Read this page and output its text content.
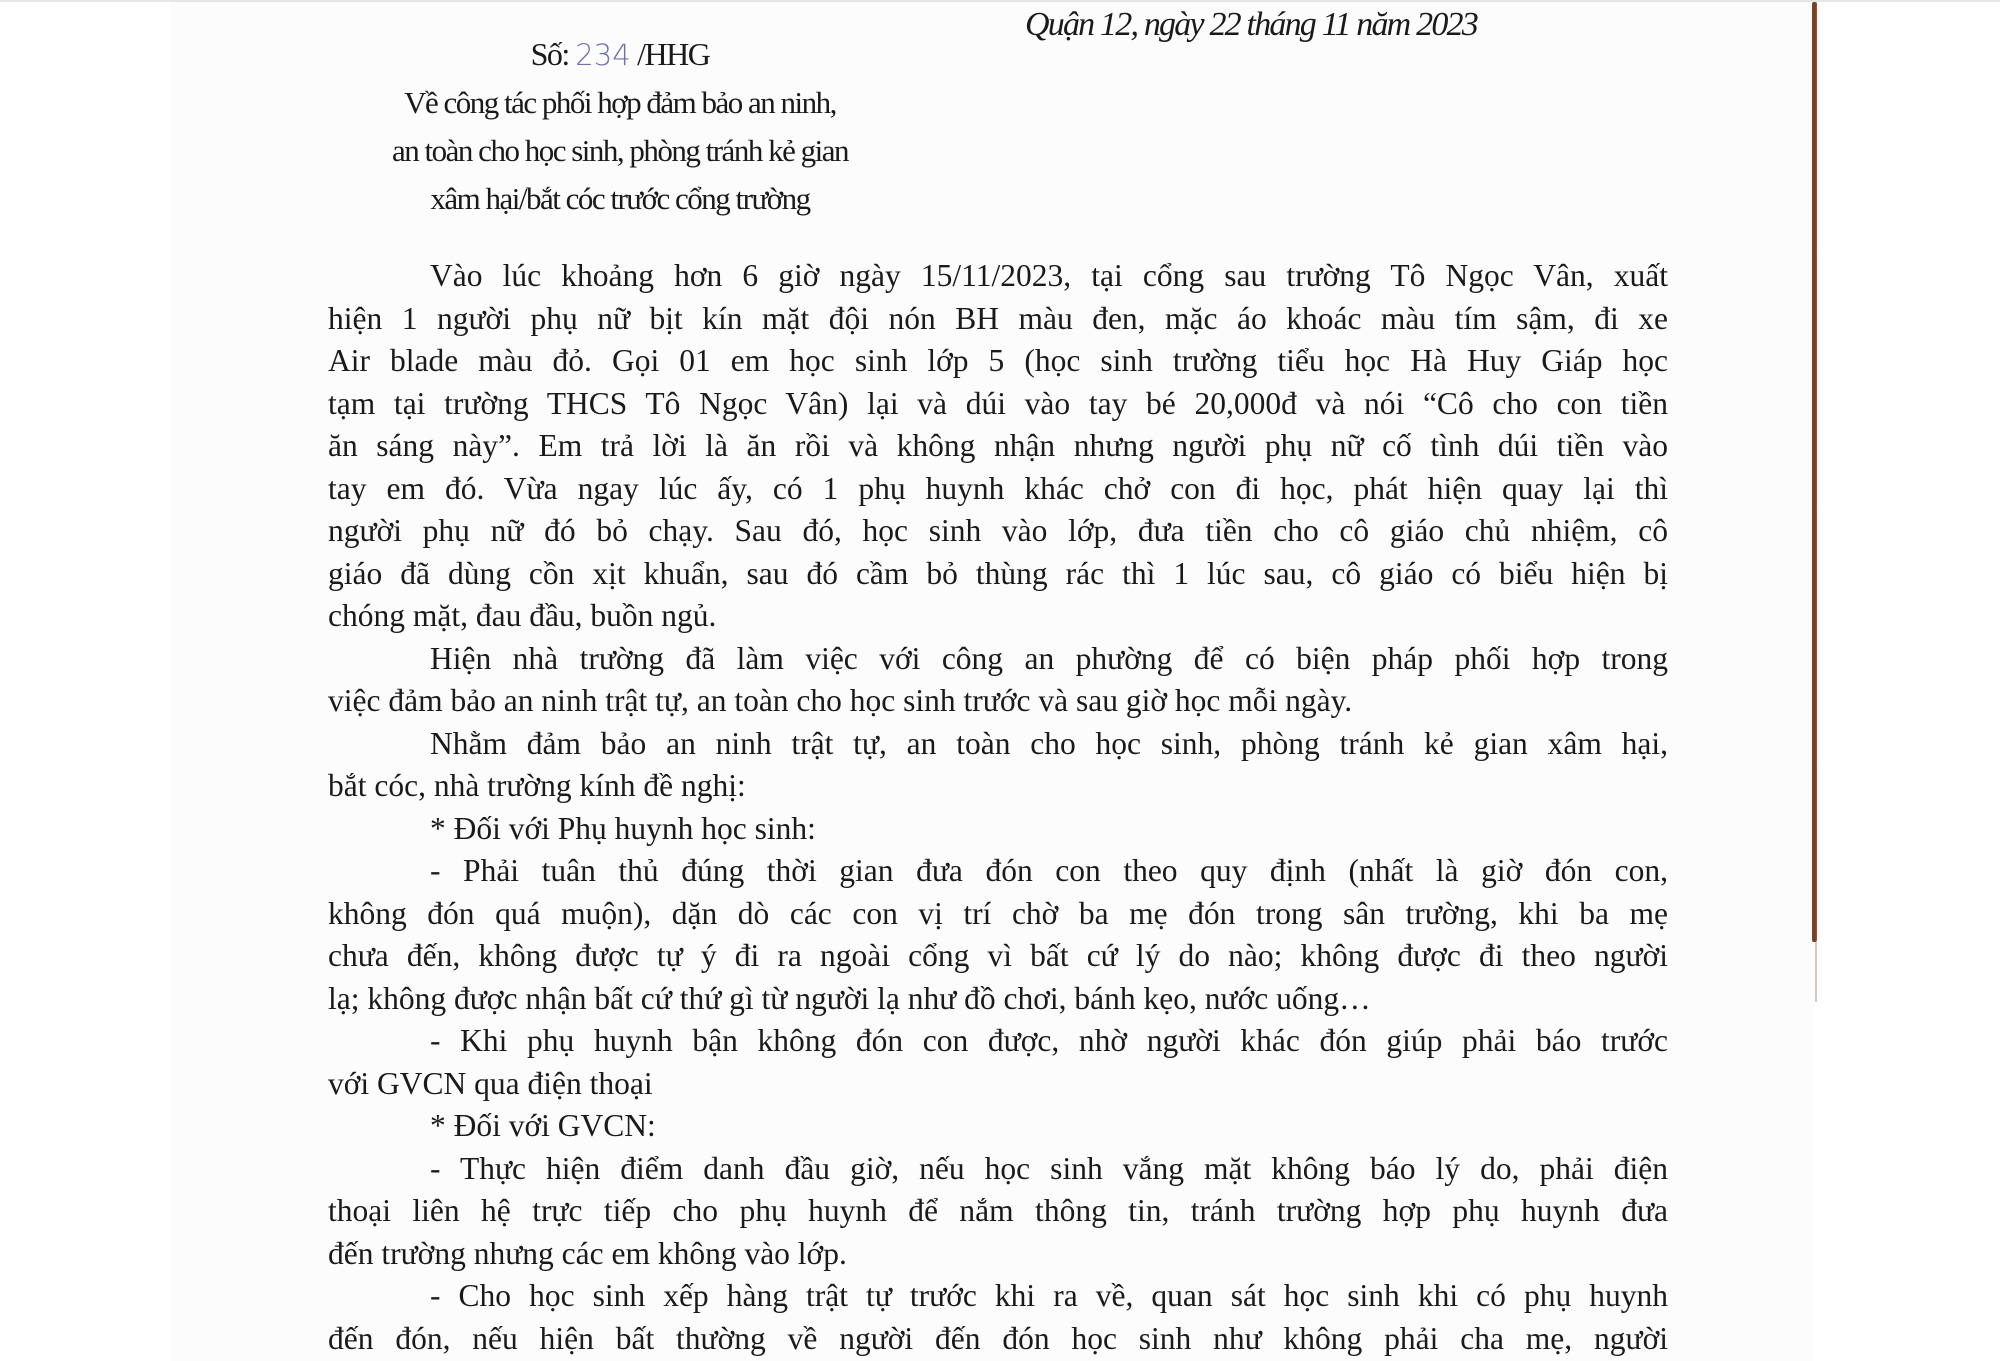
Số: 234 /HHG
Về công tác phối hợp đảm bảo an ninh,
an toàn cho học sinh, phòng tránh kẻ gian
xâm hại/bắt cóc trước cổng trường
Quận 12, ngày 22 tháng 11 năm 2023
Vào lúc khoảng hơn 6 giờ ngày 15/11/2023, tại cổng sau trường Tô Ngọc Vân, xuất
hiện 1 người phụ nữ bịt kín mặt đội nón BH màu đen, mặc áo khoác màu tím sậm, đi xe
Air blade màu đỏ. Gọi 01 em học sinh lớp 5 (học sinh trường tiểu học Hà Huy Giáp học
tạm tại trường THCS Tô Ngọc Vân) lại và dúi vào tay bé 20,000đ và nói “Cô cho con tiền
ăn sáng này”. Em trả lời là ăn rồi và không nhận nhưng người phụ nữ cố tình dúi tiền vào
tay em đó. Vừa ngay lúc ấy, có 1 phụ huynh khác chở con đi học, phát hiện quay lại thì
người phụ nữ đó bỏ chạy. Sau đó, học sinh vào lớp, đưa tiền cho cô giáo chủ nhiệm, cô
giáo đã dùng cồn xịt khuẩn, sau đó cầm bỏ thùng rác thì 1 lúc sau, cô giáo có biểu hiện bị
chóng mặt, đau đầu, buồn ngủ.
Hiện nhà trường đã làm việc với công an phường để có biện pháp phối hợp trong
việc đảm bảo an ninh trật tự, an toàn cho học sinh trước và sau giờ học mỗi ngày.
Nhằm đảm bảo an ninh trật tự, an toàn cho học sinh, phòng tránh kẻ gian xâm hại,
bắt cóc, nhà trường kính đề nghị:
* Đối với Phụ huynh học sinh:
- Phải tuân thủ đúng thời gian đưa đón con theo quy định (nhất là giờ đón con,
không đón quá muộn), dặn dò các con vị trí chờ ba mẹ đón trong sân trường, khi ba mẹ
chưa đến, không được tự ý đi ra ngoài cổng vì bất cứ lý do nào; không được đi theo người
lạ; không được nhận bất cứ thứ gì từ người lạ như đồ chơi, bánh kẹo, nước uống…
- Khi phụ huynh bận không đón con được, nhờ người khác đón giúp phải báo trước
với GVCN qua điện thoại
* Đối với GVCN:
- Thực hiện điểm danh đầu giờ, nếu học sinh vắng mặt không báo lý do, phải điện
thoại liên hệ trực tiếp cho phụ huynh để nắm thông tin, tránh trường hợp phụ huynh đưa
đến trường nhưng các em không vào lớp.
- Cho học sinh xếp hàng trật tự trước khi ra về, quan sát học sinh khi có phụ huynh
đến đón, nếu hiện bất thường về người đến đón học sinh như không phải cha mẹ, người
